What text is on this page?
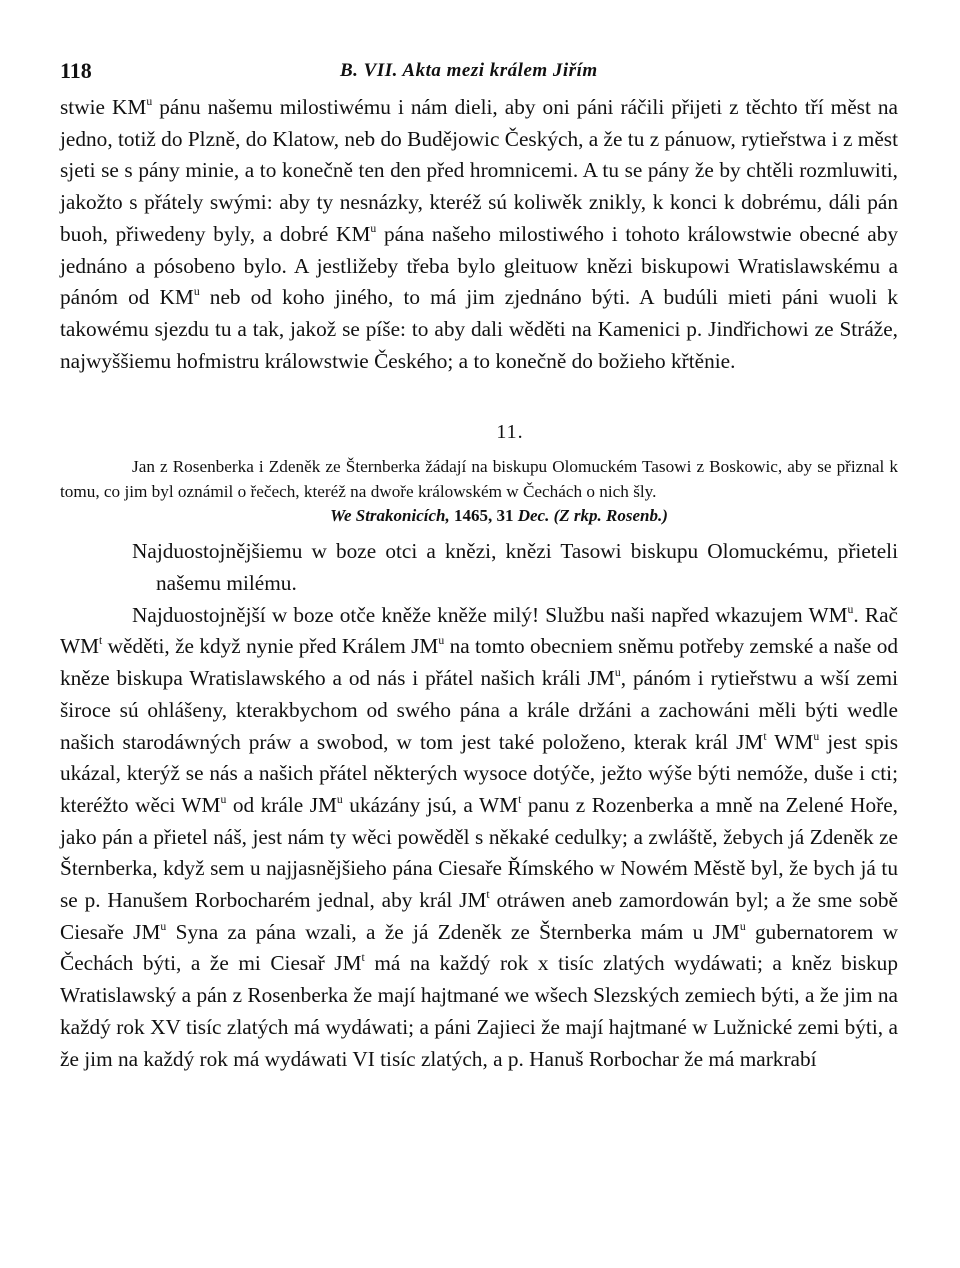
118	B. VII. Akta mezi králem Jiřím

stwie $KM^u$ pánu našemu milostiwému i nám dieli, aby oni páni ráčili přijeti z těchto tří měst na jedno, totiž do Plzně, do Klatow, neb do Budějowic Českých, a že tu z pánuow, rytieřstwa i z měst sjeti se s pány minie, a to konečně ten den před hromnicemi. A tu se pány že by chtěli rozmluwiti, jakožto s přátely swými: aby ty nesnázky, kteréž sú koliwěk znikly, k konci k dobrému, dáli pán buoh, přiwedeny byly, a dobré $KM^u$ pána našeho milostiwého i tohoto králowstwie obecné aby jednáno a pósobeno bylo. A jestližeby třeba bylo gleituow knězi biskupowi Wratislawskému a pánóm od $KM^u$ neb od koho jiného, to má jim zjednáno býti. A budúli mieti páni wuoli k takowému sjezdu tu a tak, jakož se píše: to aby dali wěděti na Kamenici p. Jindřichowi ze Stráže, najwyššiemu hofmistru králowstwie Českého; a to konečně do božieho křtěnie.

11.

Jan z Rosenberka i Zdeněk ze Šternberka žádají na biskupu Olomuckém Tasowi z Boskowic, aby se přiznal k tomu, co jim byl oznámil o řečech, kteréž na dwoře králowském w Čechách o nich šly.

We Strakonicích, 1465, 31 Dec. (Z rkp. Rosenb.)

Najduostojnějšiemu w boze otci a knězi, knězi Tasowi biskupu Olomuckému, přieteli našemu milému.

Najduostojnější w boze otče kněže kněže milý! Službu naši napřed wkazujem $WM^u$. Rač $WM^t$ wěděti, že když nynie před Králem $JM^u$ na tomto obecniem sněmu potřeby zemské a naše od kněze biskupa Wratislawského a od nás i přátel našich králi $JM^u$, pánóm i rytieřstwu a wší zemi široce sú ohlášeny, kterakbychom od swého pána a krále držáni a zachowáni měli býti wedle našich starodáwných práw a swobod, w tom jest také položeno, kterak král $JM^t$ $WM^u$ jest spis ukázal, kterýž se nás a našich přátel některých wysoce dotýče, ježto wýše býti nemóže, duše i cti; kteréžto wěci $WM^u$ od krále $JM^u$ ukázány jsú, a $WM^t$ panu z Rozenberka a mně na Zelené Hoře, jako pán a přietel náš, jest nám ty wěci powěděl s někaké cedulky; a zwláště, žebych já Zdeněk ze Šternberka, když sem u najjasnějšieho pána Ciesaře Římského w Nowém Městě byl, že bych já tu se p. Hanušem Rorbocharém jednal, aby král $JM^t$ otráwen aneb zamordowán byl; a že sme sobě Ciesaře $JM^u$ Syna za pána wzali, a že já Zdeněk ze Šternberka mám u $JM^u$ gubernatorem w Čechách býti, a že mi Ciesař $JM^t$ má na každý rok x tisíc zlatých wydáwati; a kněz biskup Wratislawský a pán z Rosenberka že mají hajtmané we wšech Slezských zemiech býti, a že jim na každý rok XV tisíc zlatých má wydáwati; a páni Zajieci že mají hajtmané w Lužnické zemi býti, a že jim na každý rok má wydáwati VI tisíc zlatých, a p. Hanuš Rorbochar že má markrabí
